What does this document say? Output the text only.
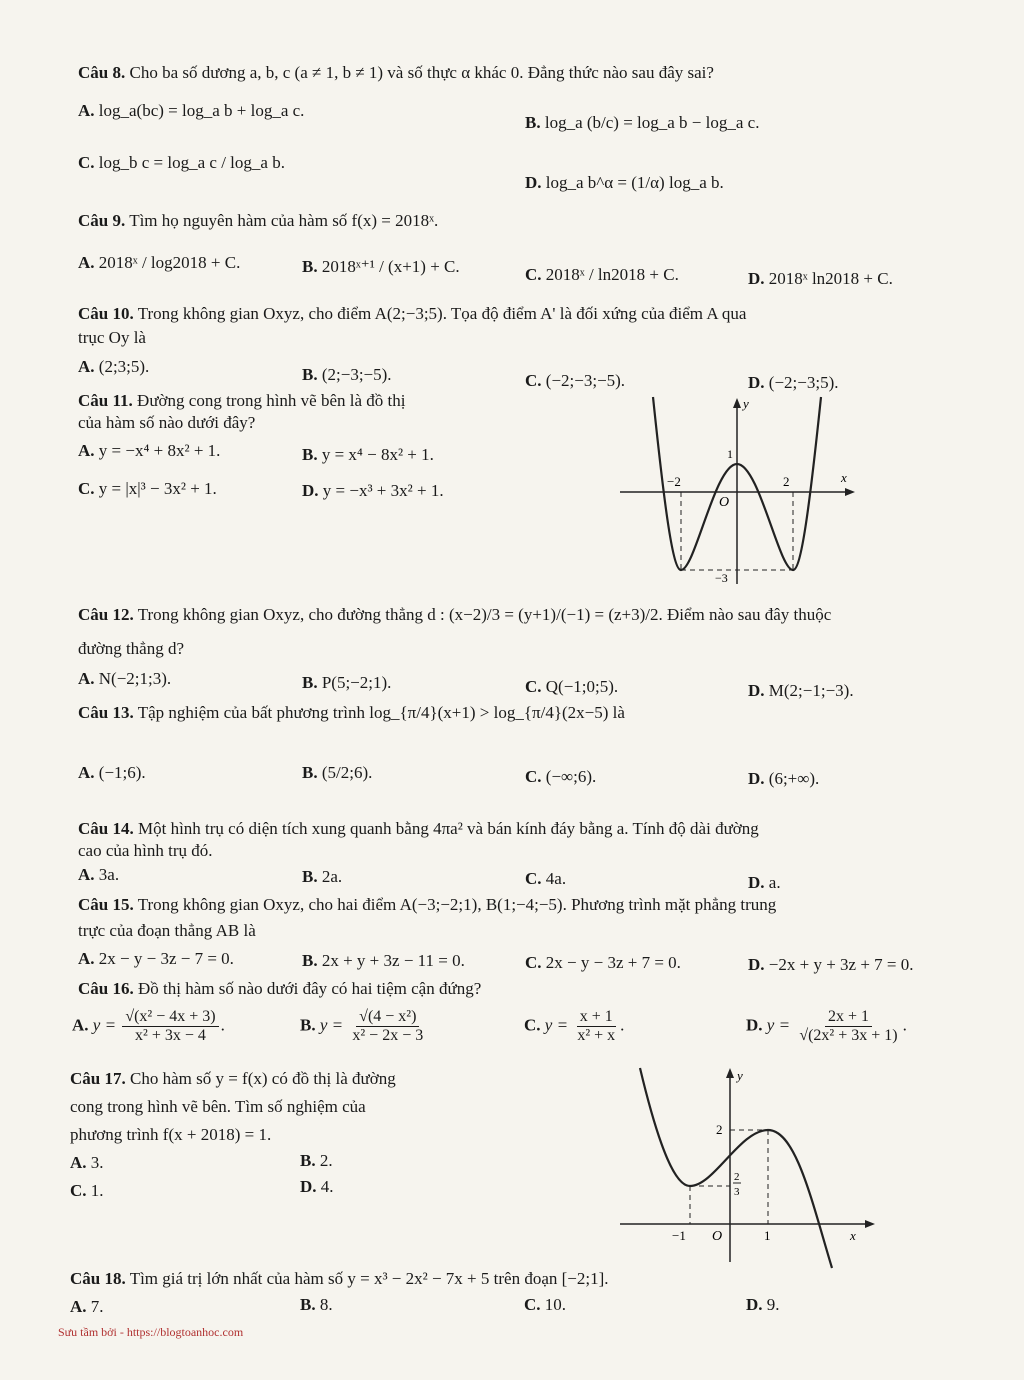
Câu 8. Cho ba số dương a, b, c (a ≠ 1, b ≠ 1) và số thực α khác 0. Đẳng thức nào sau đây sai?
A. log_a(bc) = log_a b + log_a c.
B. log_a (b/c) = log_a b − log_a c.
C. log_b c = log_a c / log_a b.
D. log_a b^α = (1/α) log_a b.
Câu 9. Tìm họ nguyên hàm của hàm số f(x) = 2018ˣ.
A. 2018ˣ / log2018 + C.	B. 2018ˣ⁺¹ / (x+1) + C.	C. 2018ˣ / ln2018 + C.	D. 2018ˣ ln2018 + C.
Câu 10. Trong không gian Oxyz, cho điểm A(2;−3;5). Tọa độ điểm A' là đối xứng của điểm A qua
trục Oy là
A. (2;3;5).	B. (2;−3;−5).	C. (−2;−3;−5).	D. (−2;−3;5).
Câu 11. Đường cong trong hình vẽ bên là đồ thị
của hàm số nào dưới đây?
A. y = −x⁴ + 8x² + 1.	B. y = x⁴ − 8x² + 1.
C. y = |x|³ − 3x² + 1.	D. y = −x³ + 3x² + 1.
y
x
O
−2	2
1
−3
Câu 12. Trong không gian Oxyz, cho đường thẳng d : (x−2)/3 = (y+1)/(−1) = (z+3)/2. Điểm nào sau đây thuộc
đường thẳng d?
A. N(−2;1;3).	B. P(5;−2;1).	C. Q(−1;0;5).	D. M(2;−1;−3).
Câu 13. Tập nghiệm của bất phương trình log_{π/4}(x+1) > log_{π/4}(2x−5) là
A. (−1;6).	B. (5/2;6).	C. (−∞;6).	D. (6;+∞).
Câu 14. Một hình trụ có diện tích xung quanh bằng 4πa² và bán kính đáy bằng a. Tính độ dài đường
cao của hình trụ đó.
A. 3a.	B. 2a.	C. 4a.	D. a.
Câu 15. Trong không gian Oxyz, cho hai điểm A(−3;−2;1), B(1;−4;−5). Phương trình mặt phẳng trung
trực của đoạn thẳng AB là
A. 2x − y − 3z − 7 = 0.	B. 2x + y + 3z − 11 = 0.	C. 2x − y − 3z + 7 = 0.	D. −2x + y + 3z + 7 = 0.
Câu 16. Đồ thị hàm số nào dưới đây có hai tiệm cận đứng?
A. $y = \frac{\text{√(x² − 4x + 3)}}{\text{x² + 3x − 4}}$ .	B. $y = \frac{\text{√(4 − x²)}}{\text{x² − 2x − 3}}$	C. $y = \frac{x + 1}{\text{x² + x}}$ .	D. $y = \frac{2x + 1}{\text{√(2x² + 3x + 1)}}$ .
Câu 17. Cho hàm số y = f(x) có đồ thị là đường
cong trong hình vẽ bên. Tìm số nghiệm của
phương trình f(x + 2018) = 1.
A. 3.	B. 2.
C. 1.	D. 4.
y
x
O
−1	1
2
2
3
Câu 18. Tìm giá trị lớn nhất của hàm số y = x³ − 2x² − 7x + 5 trên đoạn [−2;1].
A. 7.	B. 8.	C. 10.	D. 9.
Sưu tầm bởi - https://blogtoanhoc.com
